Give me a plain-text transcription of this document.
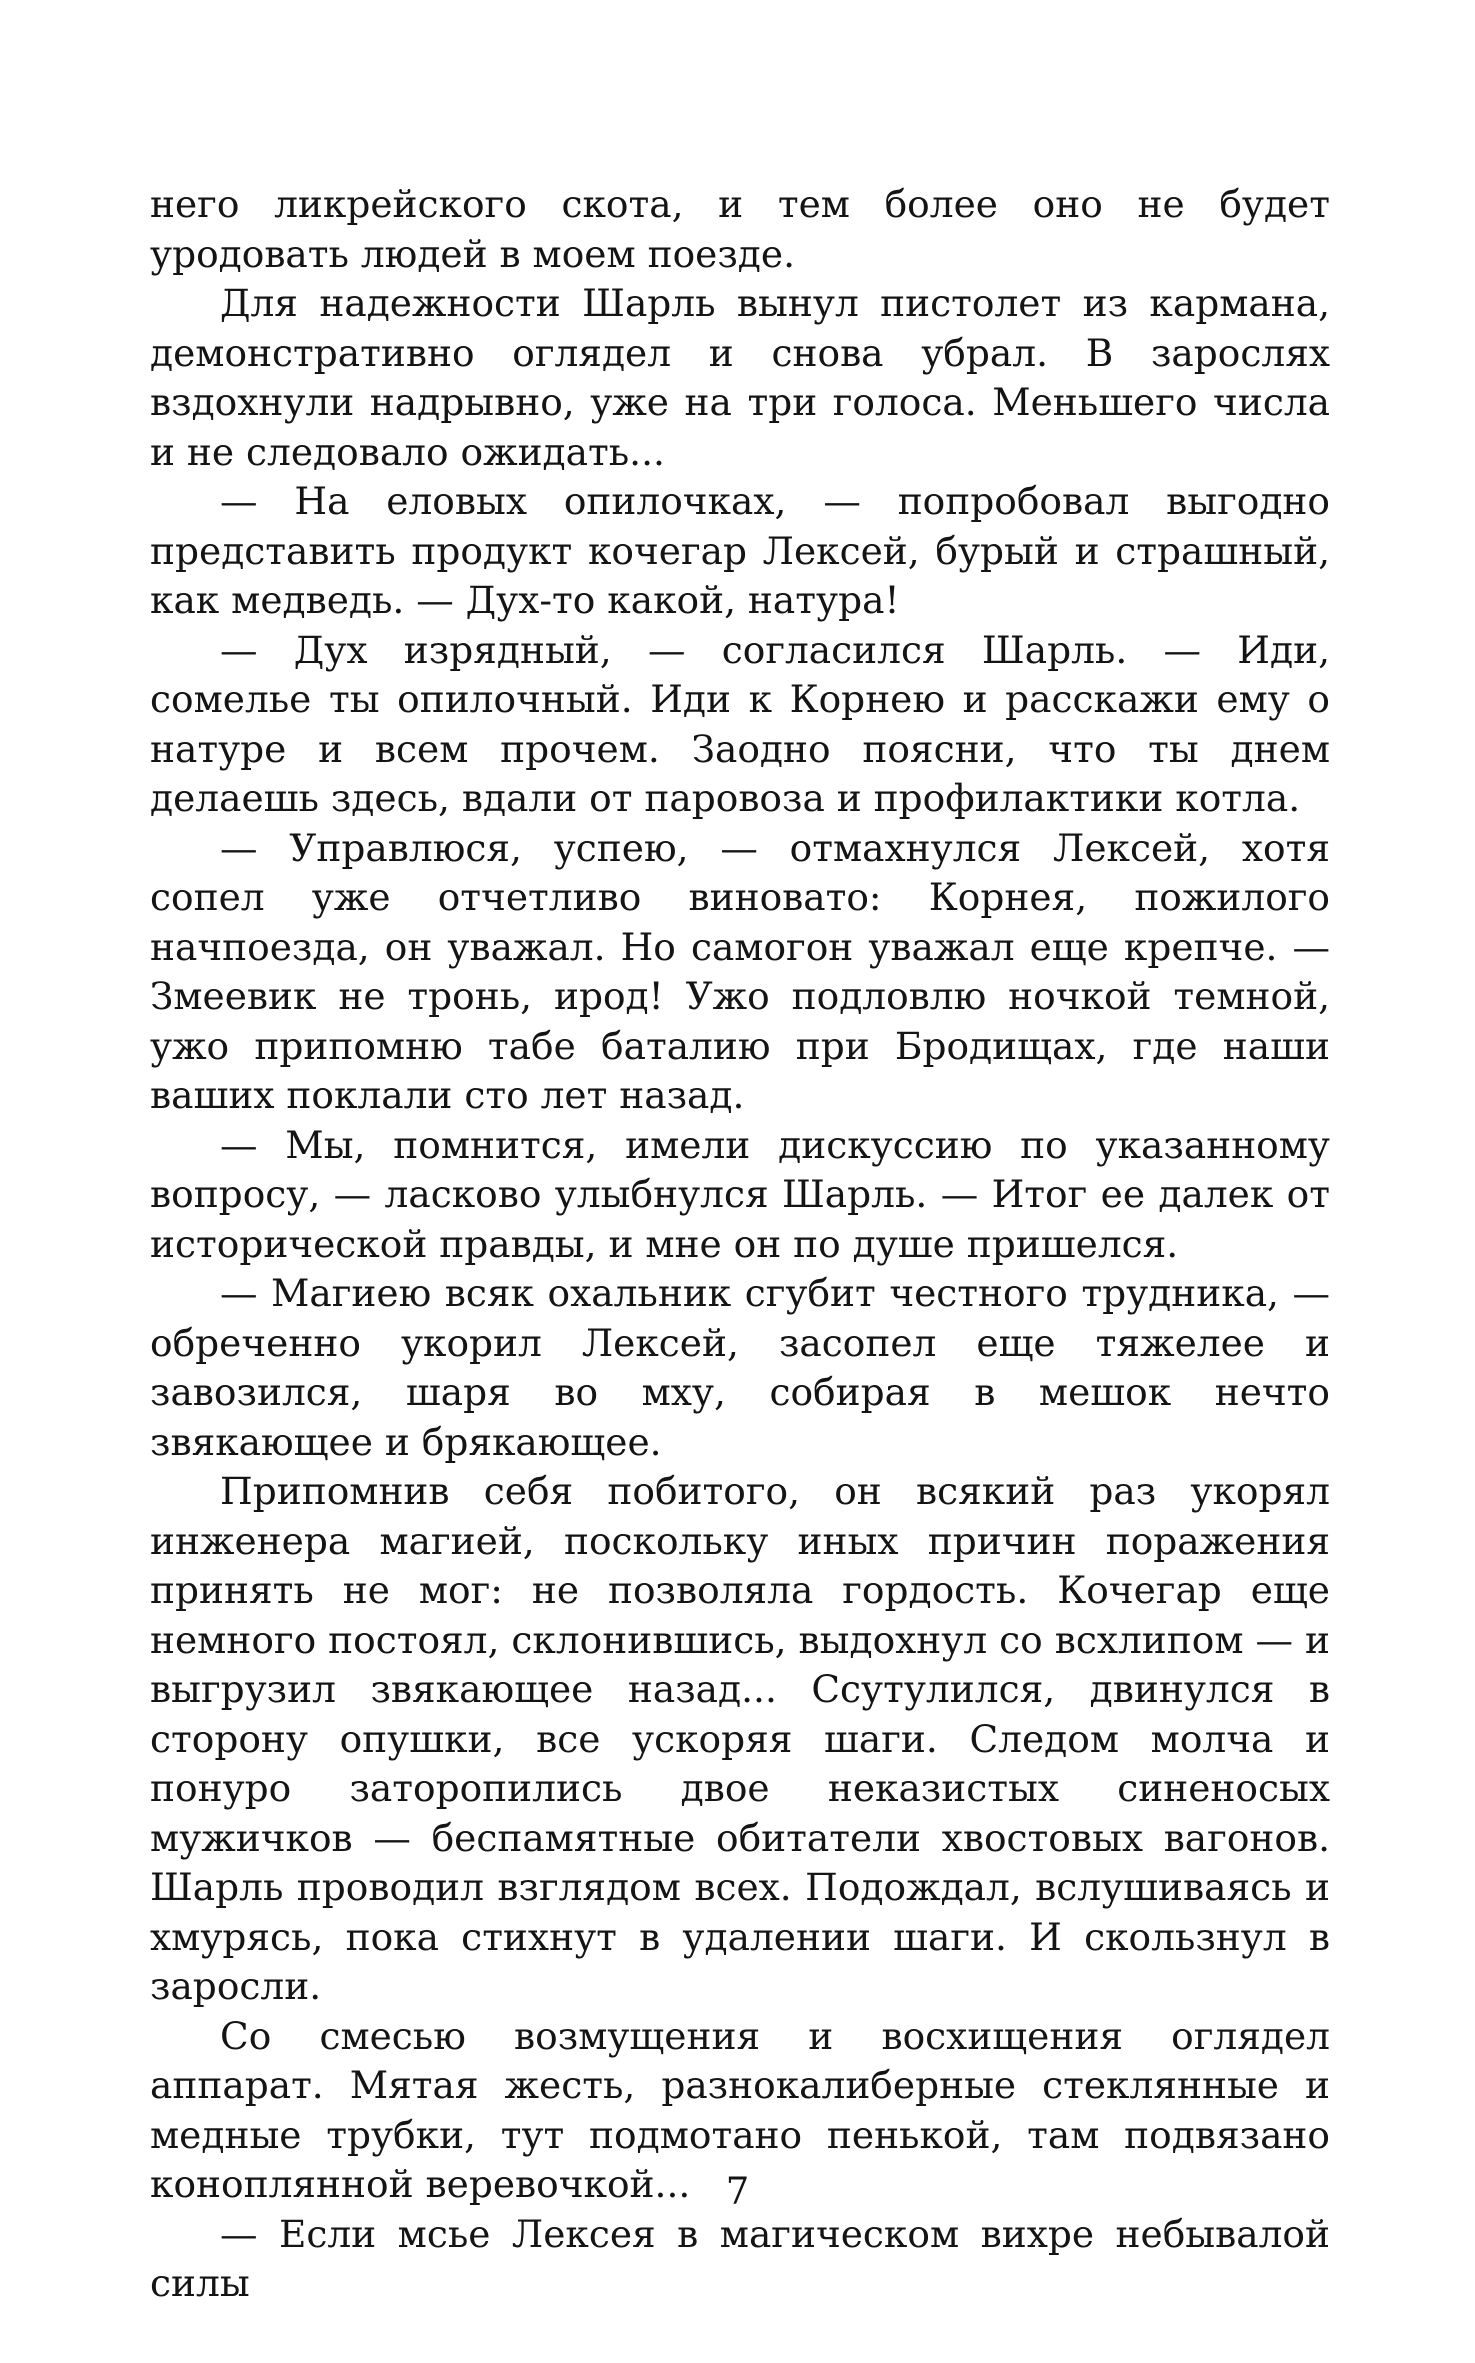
него ликрейского скота, и тем более оно не будет уродовать людей в моем поезде.

Для надежности Шарль вынул пистолет из кармана, демонстративно оглядел и снова убрал. В зарослях вздохнули надрывно, уже на три голоса. Меньшего числа и не следовало ожидать...

— На еловых опилочках, — попробовал выгодно представить продукт кочегар Лексей, бурый и страшный, как медведь. — Дух-то какой, натура!

— Дух изрядный, — согласился Шарль. — Иди, сомелье ты опилочный. Иди к Корнею и расскажи ему о натуре и всем прочем. Заодно поясни, что ты днем делаешь здесь, вдали от паровоза и профилактики котла.

— Управлюся, успею, — отмахнулся Лексей, хотя сопел уже отчетливо виновато: Корнея, пожилого начпоезда, он уважал. Но самогон уважал еще крепче. — Змеевик не тронь, ирод! Ужо подловлю ночкой темной, ужо припомню табе баталию при Бродищах, где наши ваших поклали сто лет назад.

— Мы, помнится, имели дискуссию по указанному вопросу, — ласково улыбнулся Шарль. — Итог ее далек от исторической правды, и мне он по душе пришелся.

— Магиею всяк охальник сгубит честного трудника, — обреченно укорил Лексей, засопел еще тяжелее и завозился, шаря во мху, собирая в мешок нечто звякающее и брякающее.

Припомнив себя побитого, он всякий раз укорял инженера магией, поскольку иных причин поражения принять не мог: не позволяла гордость. Кочегар еще немного постоял, склонившись, выдохнул со всхлипом — и выгрузил звякающее назад... Ссутулился, двинулся в сторону опушки, все ускоряя шаги. Следом молча и понуро заторопились двое неказистых синеносых мужичков — беспамятные обитатели хвостовых вагонов. Шарль проводил взглядом всех. Подождал, вслушиваясь и хмурясь, пока стихнут в удалении шаги. И скользнул в заросли.

Со смесью возмущения и восхищения оглядел аппарат. Мятая жесть, разнокалиберные стеклянные и медные трубки, тут подмотано пенькой, там подвязано коноплянной веревочкой...

— Если мсье Лексея в магическом вихре небывалой силы

7
